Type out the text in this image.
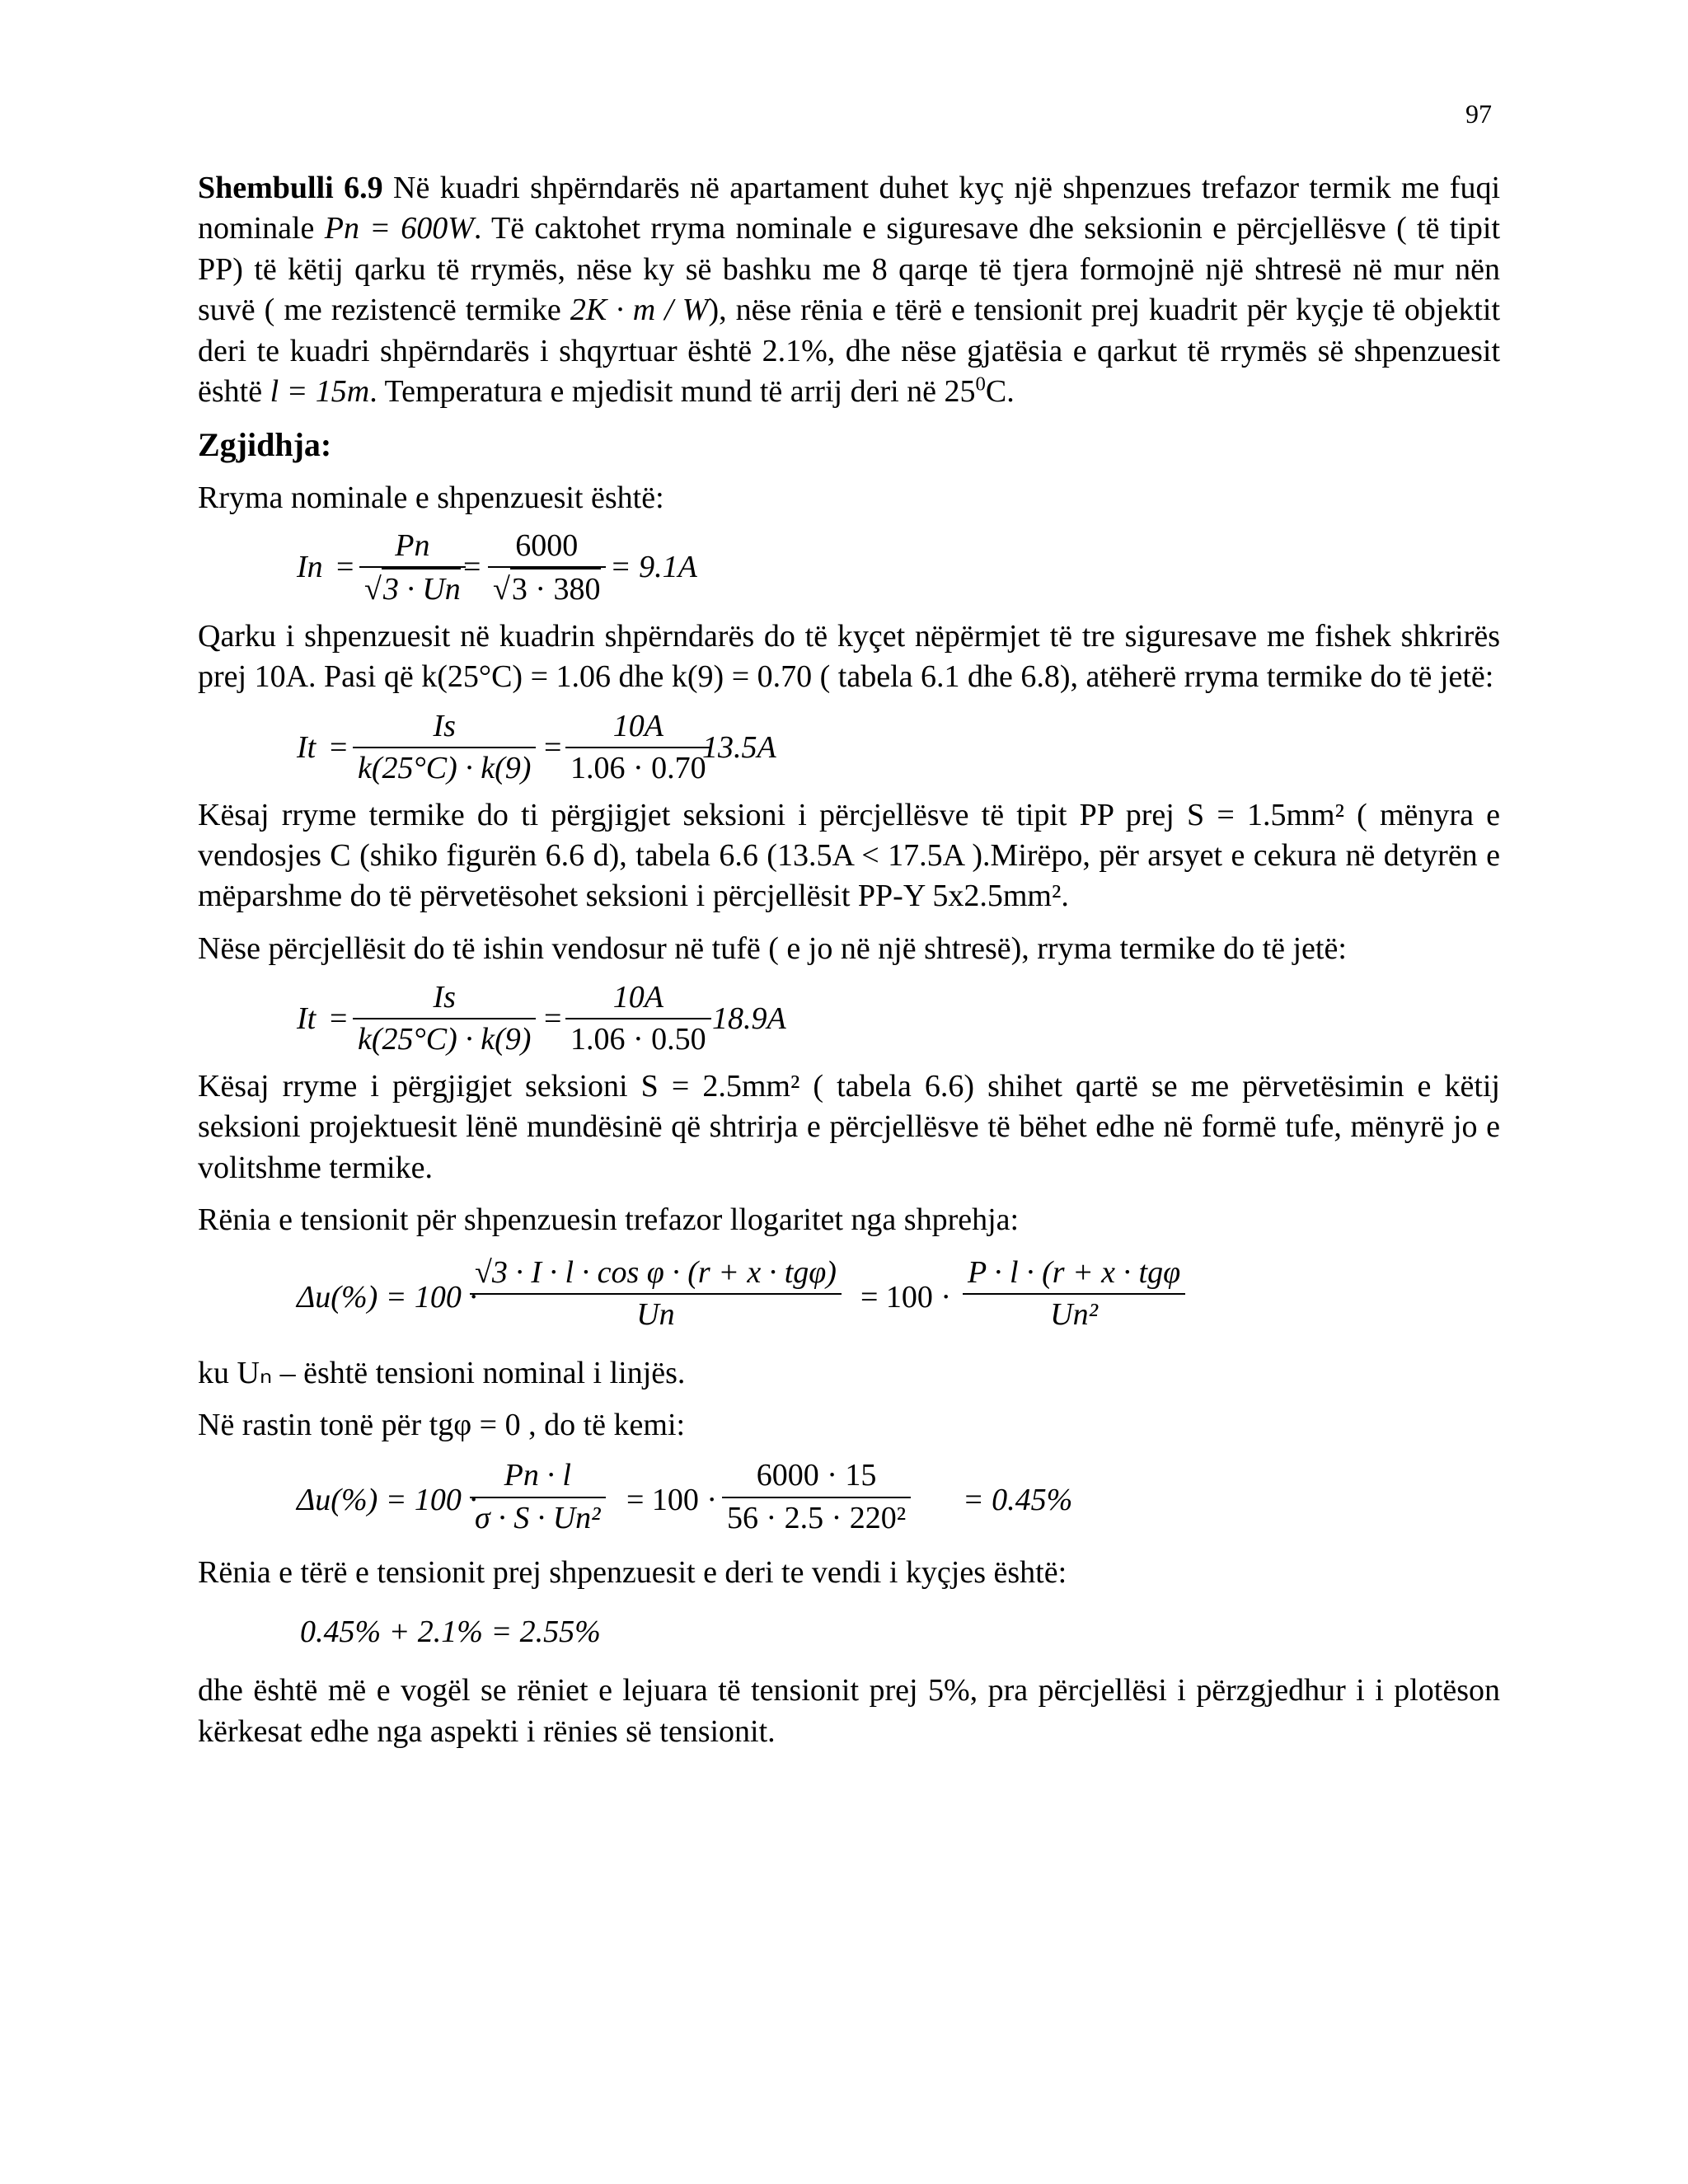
97

Shembulli 6.9 Në kuadri shpërndarës në apartament duhet kyç një shpenzues trefazor termik me fuqi nominale Pn = 600W. Të caktohet rryma nominale e siguresave dhe seksionin e përcjellësve ( të tipit PP) të këtij qarku të rrymës, nëse ky së bashku me 8 qarqe të tjera formojnë një shtresë në mur nën suvë ( me rezistencë termike 2K · m / W), nëse rënia e tërë e tensionit prej kuadrit për kyçje të objektit deri te kuadri shpërndarës i shqyrtuar është 2.1%, dhe nëse gjatësia e qarkut të rrymës së shpenzuesit është l = 15m. Temperatura e mjedisit mund të arrij deri në $25^0C$.

Zgjidhja:

Rryma nominale e shpenzuesit është:

$In = \frac{Pn}{√3 \cdot Un}$
= $\frac{6000}{√3 \cdot 380} = 9.1A$

Qarku i shpenzuesit në kuadrin shpërndarës do të kyçet nëpërmjet të tre siguresave me fishek shkrirës prej 10A. Pasi që k(25°C) = 1.06 dhe k(9) = 0.70 ( tabela 6.1 dhe 6.8), atëherë rryma termike do të jetë:

$It = \frac{Is}{k(25^\circ C) \cdot k(9)} = \frac{10A}{1.06 \cdot 0.70}$
13.5A

Kësaj rryme termike do ti përgjigjet seksioni i përcjellësve të tipit PP prej S = 1.5mm² ( mënyra e vendosjes C (shiko figurën 6.6 d), tabela 6.6 (13.5A < 17.5A ).Mirëpo, për arsyet e cekura në detyrën e mëparshme do të përvetësohet seksioni i përcjellësit PP-Y 5x2.5mm².

Nëse përcjellësit do të ishin vendosur në tufë ( e jo në një shtresë), rryma termike do të jetë:

$It = \frac{Is}{k(25^\circ C) \cdot k(9)} = \frac{10A}{1.06 \cdot 0.50} 18.9A$

Kësaj rryme i përgjigjet seksioni S = 2.5mm² ( tabela 6.6) shihet qartë se me përvetësimin e këtij seksioni projektuesit lënë mundësinë që shtrirja e përcjellësve të bëhet edhe në formë tufe, mënyrë jo e volitshme termike.

Rënia e tensionit për shpenzuesin trefazor llogaritet nga shprehja:

Δu(%) = 100 ·
√3 · I · l · cos φ · (r + x · tgφ)
Un
= 100 ·
P · l · (r + x · tgφ
Un²

ku Uₙ – është tensioni nominal i linjës.

Në rastin tonë për tgφ = 0 , do të kemi:

Δu(%) = 100 ·
$\frac{Pn \cdot l}{\text{σ · S · Un²}} = 100 \cdot \frac{6000 \cdot 15}{\text{56 · 2.5 · 220²}} = 0.45\%$

Rënia e tërë e tensionit prej shpenzuesit e deri te vendi i kyçjes është:

0.45% + 2.1% = 2.55%

dhe është më e vogël se rëniet e lejuara të tensionit prej 5%, pra përcjellësi i përzgjedhur i i plotëson kërkesat edhe nga aspekti i rënies së tensionit.
